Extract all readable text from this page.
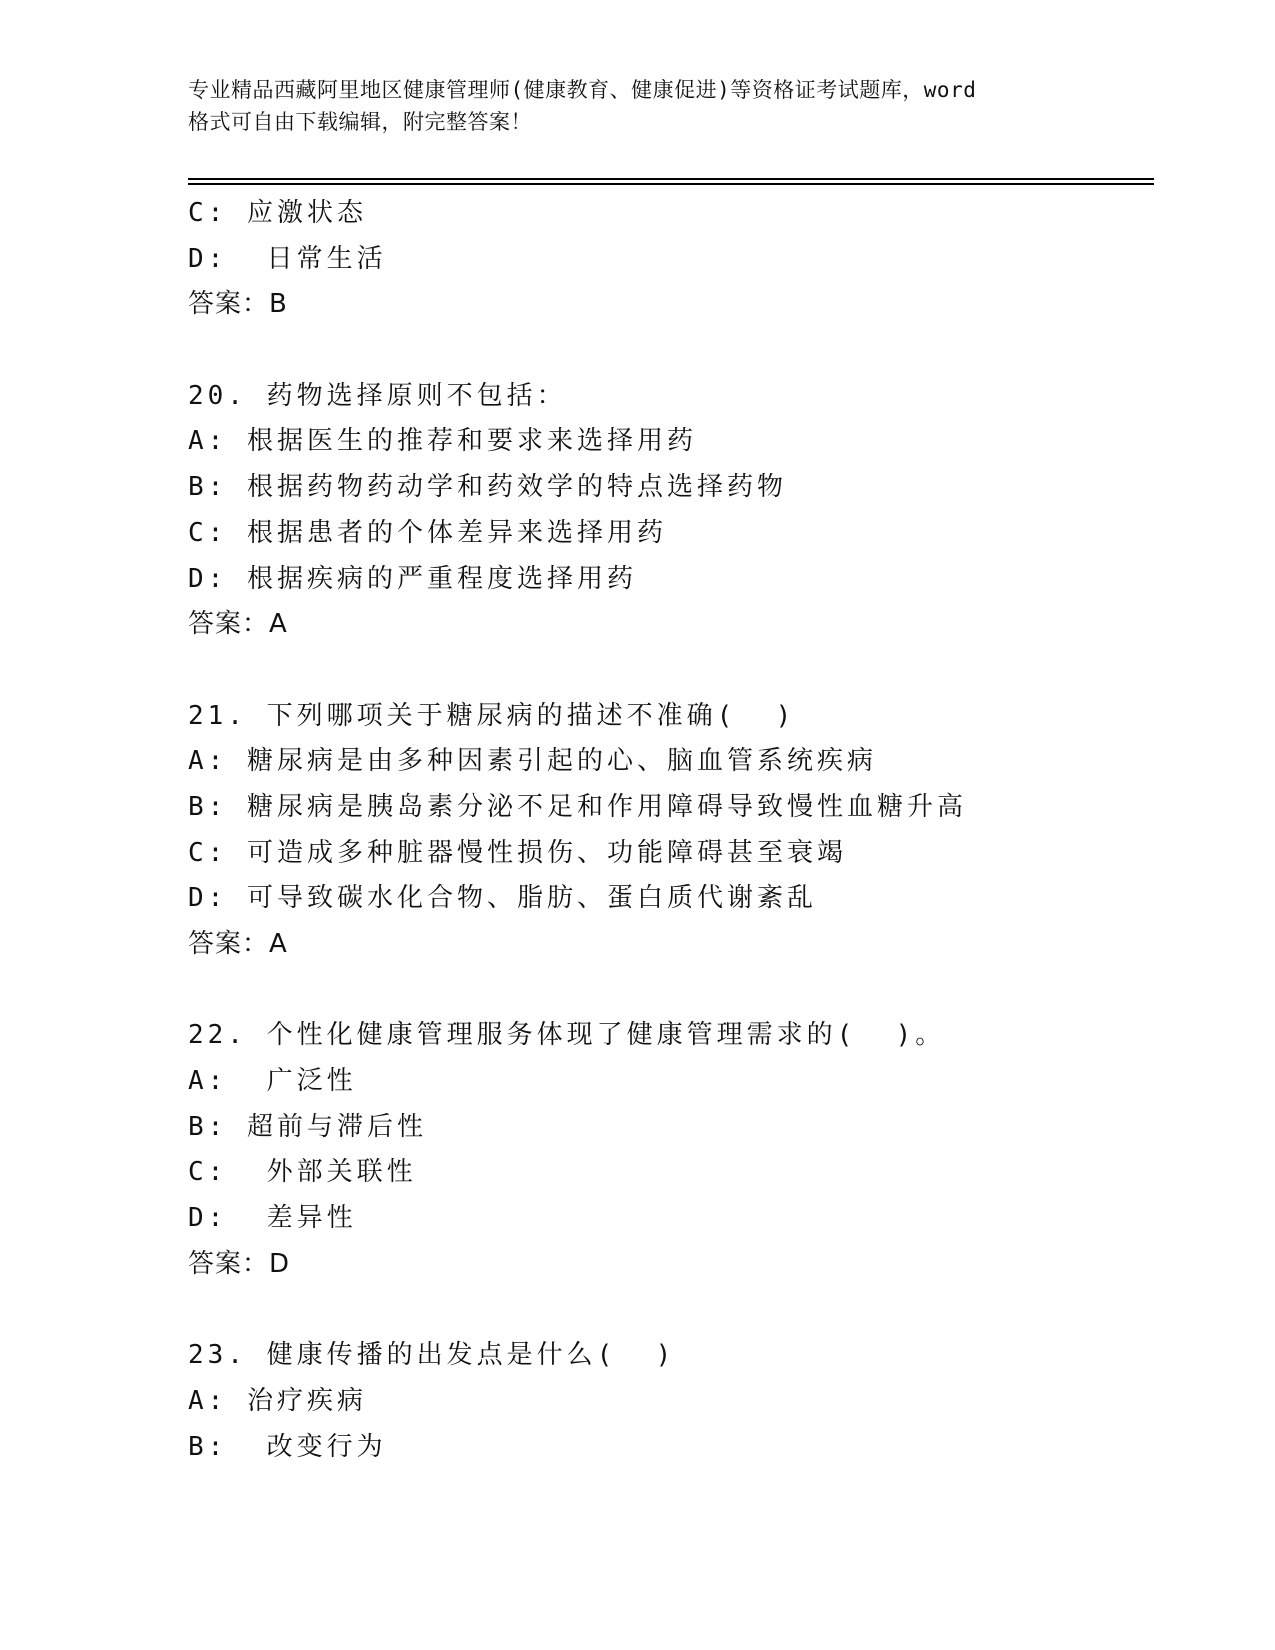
专业精品西藏阿里地区健康管理师(健康教育、健康促进)等资格证考试题库，word
格式可自由下载编辑，附完整答案！
C: 应激状态
D:  日常生活
答案：B
20. 药物选择原则不包括：
A: 根据医生的推荐和要求来选择用药
B: 根据药物药动学和药效学的特点选择药物
C: 根据患者的个体差异来选择用药
D: 根据疾病的严重程度选择用药
答案：A
21. 下列哪项关于糖尿病的描述不准确(  )
A: 糖尿病是由多种因素引起的心、脑血管系统疾病
B: 糖尿病是胰岛素分泌不足和作用障碍导致慢性血糖升高
C: 可造成多种脏器慢性损伤、功能障碍甚至衰竭
D: 可导致碳水化合物、脂肪、蛋白质代谢紊乱
答案：A
22. 个性化健康管理服务体现了健康管理需求的(  )。
A:  广泛性
B: 超前与滞后性
C:  外部关联性
D:  差异性
答案：D
23. 健康传播的出发点是什么(  )
A: 治疗疾病
B:  改变行为
